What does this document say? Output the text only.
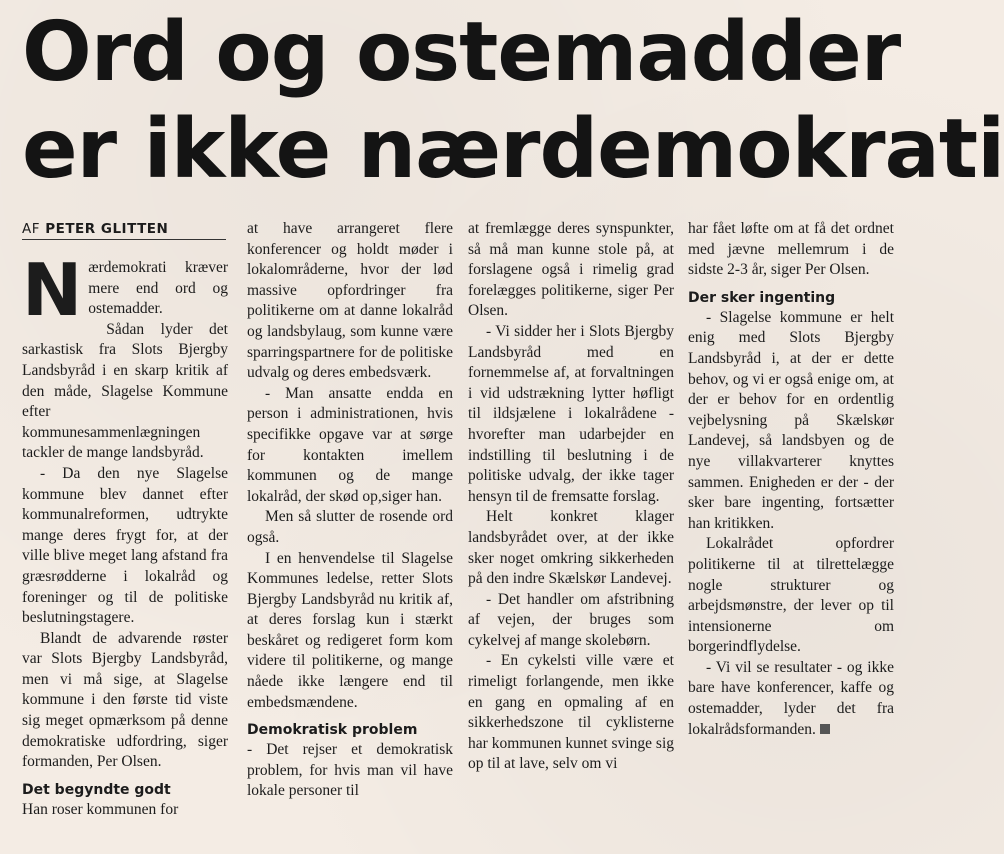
Ord og ostemadder
er ikke nærdemokrati
AF PETER GLITTEN

Nærdemokrati kræver mere end ord og ostemadder.

Sådan lyder det sarkastisk fra Slots Bjergby Landsbyråd i en skarp kritik af den måde, Slagelse Kommune efter kommunesammenlægningen tackler de mange landsbyråd.

- Da den nye Slagelse kommune blev dannet efter kommunalreformen, udtrykte mange deres frygt for, at der ville blive meget lang afstand fra græsrødderne i lokalråd og foreninger og til de politiske beslutningstagere.

Blandt de advarende røster var Slots Bjergby Landsbyråd, men vi må sige, at Slagelse kommune i den første tid viste sig meget opmærksom på denne demokratiske udfordring, siger formanden, Per Olsen.

Det begyndte godt

Han roser kommunen for

at have arrangeret flere konferencer og holdt møder i lokalområderne, hvor der lød massive opfordringer fra politikerne om at danne lokalråd og landsbylaug, som kunne være sparringspartnere for de politiske udvalg og deres embedsværk.

- Man ansatte endda en person i administrationen, hvis specifikke opgave var at sørge for kontakten imellem kommunen og de mange lokalråd, der skød op,siger han.

Men så slutter de rosende ord også.

I en henvendelse til Slagelse Kommunes ledelse, retter Slots Bjergby Landsbyråd nu kritik af, at deres forslag kun i stærkt beskåret og redigeret form kom videre til politikerne, og mange nåede ikke længere end til embedsmændene.

Demokratisk problem

- Det rejser et demokratisk problem, for hvis man vil have lokale personer til

at fremlægge deres synspunkter, så må man kunne stole på, at forslagene også i rimelig grad forelægges politikerne, siger Per Olsen.

- Vi sidder her i Slots Bjergby Landsbyråd med en fornemmelse af, at forvaltningen i vid udstrækning lytter høfligt til ildsjælene i lokalrådene - hvorefter man udarbejder en indstilling til beslutning i de politiske udvalg, der ikke tager hensyn til de fremsatte forslag.

Helt konkret klager landsbyrådet over, at der ikke sker noget omkring sikkerheden på den indre Skælskør Landevej.

- Det handler om afstribning af vejen, der bruges som cykelvej af mange skolebørn.

- En cykelsti ville være et rimeligt forlangende, men ikke en gang en opmaling af en sikkerhedszone til cyklisterne har kommunen kunnet svinge sig op til at lave, selv om vi

har fået løfte om at få det ordnet med jævne mellemrum i de sidste 2-3 år, siger Per Olsen.

Der sker ingenting

- Slagelse kommune er helt enig med Slots Bjergby Landsbyråd i, at der er dette behov, og vi er også enige om, at der er behov for en ordentlig vejbelysning på Skælskør Landevej, så landsbyen og de nye villakvarterer knyttes sammen. Enigheden er der - der sker bare ingenting, fortsætter han kritikken.

Lokalrådet opfordrer politikerne til at tilrettelægge nogle strukturer og arbejdsmønstre, der lever op til intensionerne om borgerindflydelse.

- Vi vil se resultater - og ikke bare have konferencer, kaffe og ostemadder, lyder det fra lokalrådsformanden.
